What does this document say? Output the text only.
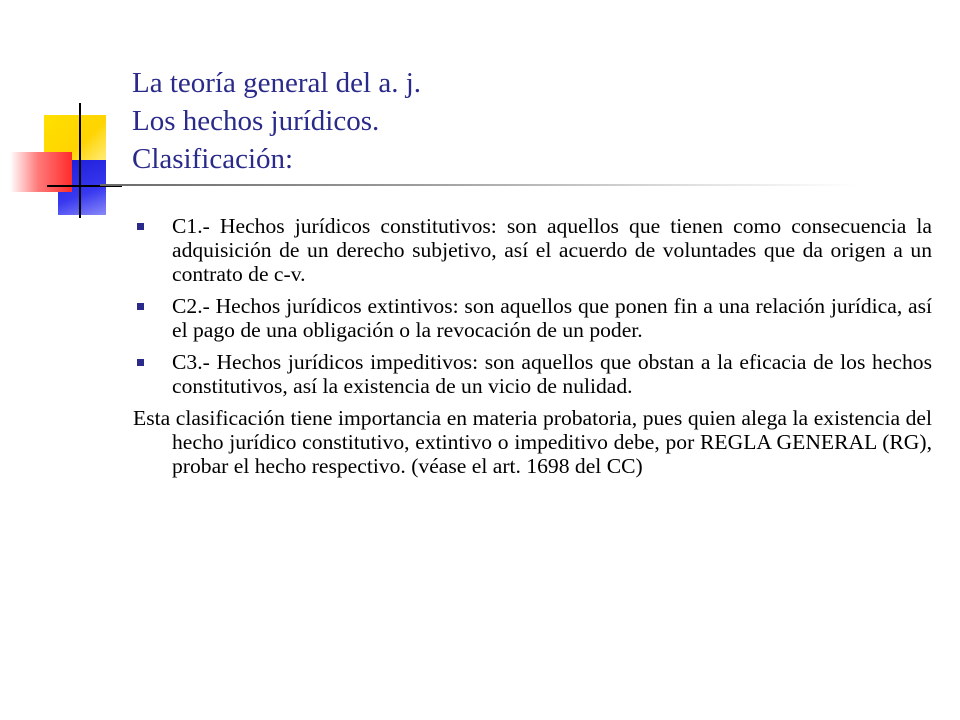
La teoría general del a. j.
Los hechos jurídicos.
Clasificación:
C1.- Hechos jurídicos constitutivos: son aquellos que tienen como consecuencia la adquisición de un derecho subjetivo, así el acuerdo de voluntades que da origen a un contrato de c-v.
C2.- Hechos jurídicos extintivos: son aquellos que ponen fin a una relación jurídica, así el pago de una obligación o la revocación de un poder.
C3.- Hechos jurídicos impeditivos: son aquellos que obstan a la eficacia de los hechos constitutivos, así la existencia de un vicio de nulidad.

Esta clasificación tiene importancia en materia probatoria, pues quien alega la existencia del hecho jurídico constitutivo, extintivo o impeditivo debe, por REGLA GENERAL (RG), probar el hecho respectivo. (véase el art. 1698 del CC)
